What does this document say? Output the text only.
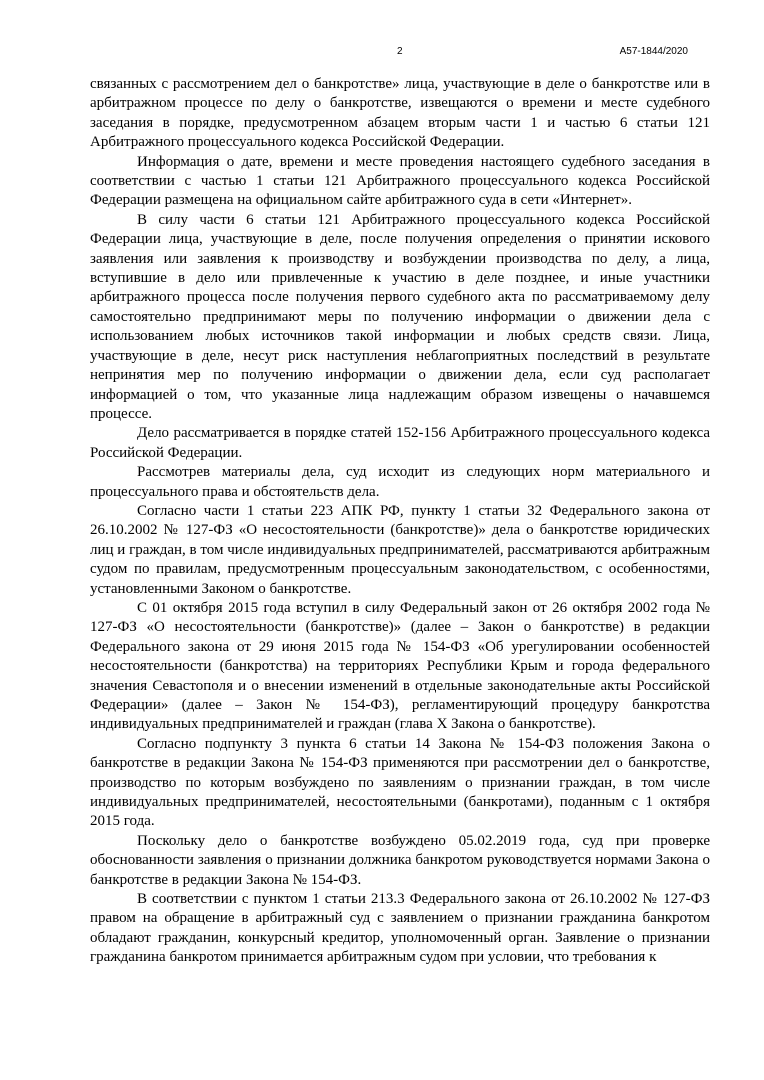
2	А57-1844/2020

связанных с рассмотрением дел о банкротстве» лица, участвующие в деле о банкротстве или в арбитражном процессе по делу о банкротстве, извещаются о времени и месте судебного заседания в порядке, предусмотренном абзацем вторым части 1 и частью 6 статьи 121 Арбитражного процессуального кодекса Российской Федерации.

Информация о дате, времени и месте проведения настоящего судебного заседания в соответствии с частью 1 статьи 121 Арбитражного процессуального кодекса Российской Федерации размещена на официальном сайте арбитражного суда в сети «Интернет».

В силу части 6 статьи 121 Арбитражного процессуального кодекса Российской Федерации лица, участвующие в деле, после получения определения о принятии искового заявления или заявления к производству и возбуждении производства по делу, а лица, вступившие в дело или привлеченные к участию в деле позднее, и иные участники арбитражного процесса после получения первого судебного акта по рассматриваемому делу самостоятельно предпринимают меры по получению информации о движении дела с использованием любых источников такой информации и любых средств связи. Лица, участвующие в деле, несут риск наступления неблагоприятных последствий в результате непринятия мер по получению информации о движении дела, если суд располагает информацией о том, что указанные лица надлежащим образом извещены о начавшемся процессе.

Дело рассматривается в порядке статей 152-156 Арбитражного процессуального кодекса Российской Федерации.

Рассмотрев материалы дела, суд исходит из следующих норм материального и процессуального права и обстоятельств дела.

Согласно части 1 статьи 223 АПК РФ, пункту 1 статьи 32 Федерального закона от 26.10.2002 № 127-ФЗ «О несостоятельности (банкротстве)» дела о банкротстве юридических лиц и граждан, в том числе индивидуальных предпринимателей, рассматриваются арбитражным судом по правилам, предусмотренным процессуальным законодательством, с особенностями, установленными Законом о банкротстве.

С 01 октября 2015 года вступил в силу Федеральный закон от 26 октября 2002 года № 127-ФЗ «О несостоятельности (банкротстве)» (далее – Закон о банкротстве) в редакции Федерального закона от 29 июня 2015 года № 154-ФЗ «Об урегулировании особенностей несостоятельности (банкротства) на территориях Республики Крым и города федерального значения Севастополя и о внесении изменений в отдельные законодательные акты Российской Федерации» (далее – Закон № 154-ФЗ), регламентирующий процедуру банкротства индивидуальных предпринимателей и граждан (глава X Закона о банкротстве).

Согласно подпункту 3 пункта 6 статьи 14 Закона № 154-ФЗ положения Закона о банкротстве в редакции Закона № 154-ФЗ применяются при рассмотрении дел о банкротстве, производство по которым возбуждено по заявлениям о признании граждан, в том числе индивидуальных предпринимателей, несостоятельными (банкротами), поданным с 1 октября 2015 года.

Поскольку дело о банкротстве возбуждено 05.02.2019 года, суд при проверке обоснованности заявления о признании должника банкротом руководствуется нормами Закона о банкротстве в редакции Закона № 154-ФЗ.

В соответствии с пунктом 1 статьи 213.3 Федерального закона от 26.10.2002 № 127-ФЗ правом на обращение в арбитражный суд с заявлением о признании гражданина банкротом обладают гражданин, конкурсный кредитор, уполномоченный орган. Заявление о признании гражданина банкротом принимается арбитражным судом при условии, что требования к
